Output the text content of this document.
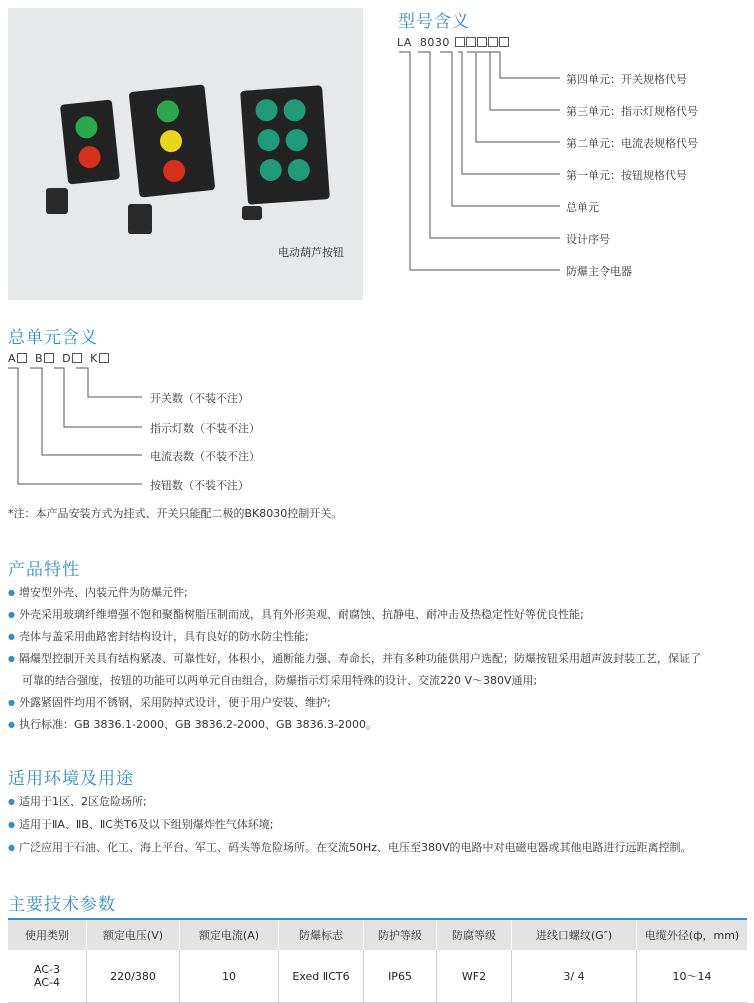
电动葫芦按钮
型号含义
LA 8030
第四单元：开关规格代号
第三单元：指示灯规格代号
第二单元：电流表规格代号
第一单元：按钮规格代号
总单元
设计序号
防爆主令电器
总单元含义
A B D K
开关数（不装不注）
指示灯数（不装不注）
电流表数（不装不注）
按钮数（不装不注）
*注：本产品安装方式为挂式、开关只能配二极的BK8030控制开关。
产品特性
● 增安型外壳、内装元件为防爆元件;
● 外壳采用玻璃纤维增强不饱和聚酯树脂压制而成，具有外形美观、耐腐蚀、抗静电、耐冲击及热稳定性好等优良性能;
● 壳体与盖采用曲路密封结构设计，具有良好的防水防尘性能;
● 隔爆型控制开关具有结构紧凑、可靠性好，体积小，通断能力强、寿命长，并有多种功能供用户选配；防爆按钮采用超声波封装工艺，保证了
● 外露紧固件均用不锈钢，采用防掉式设计，便于用户安装、维护;
● 执行标准：GB 3836.1-2000、GB 3836.2-2000、GB 3836.3-2000。
可靠的结合强度，按钮的功能可以两单元自由组合，防爆指示灯采用特殊的设计、交流220 V～380V通用;
适用环境及用途
● 适用于1区、2区危险场所;
● 适用于ⅡA、ⅡB、ⅡC类T6及以下组别爆炸性气体环境;
● 广泛应用于石油、化工、海上平台、军工、码头等危险场所。在交流50Hz、电压至380V的电路中对电磁电器或其他电路进行远距离控制。
主要技术参数
使用类别	额定电压(V)	额定电流(A)	防爆标志	防护等级	防腐等级	进线口螺纹(G″)	电缆外径(ф，mm)

AC-3
AC-4	220/380	10	Exed ⅡCT6	IP65	WF2	3/ 4	10～14
